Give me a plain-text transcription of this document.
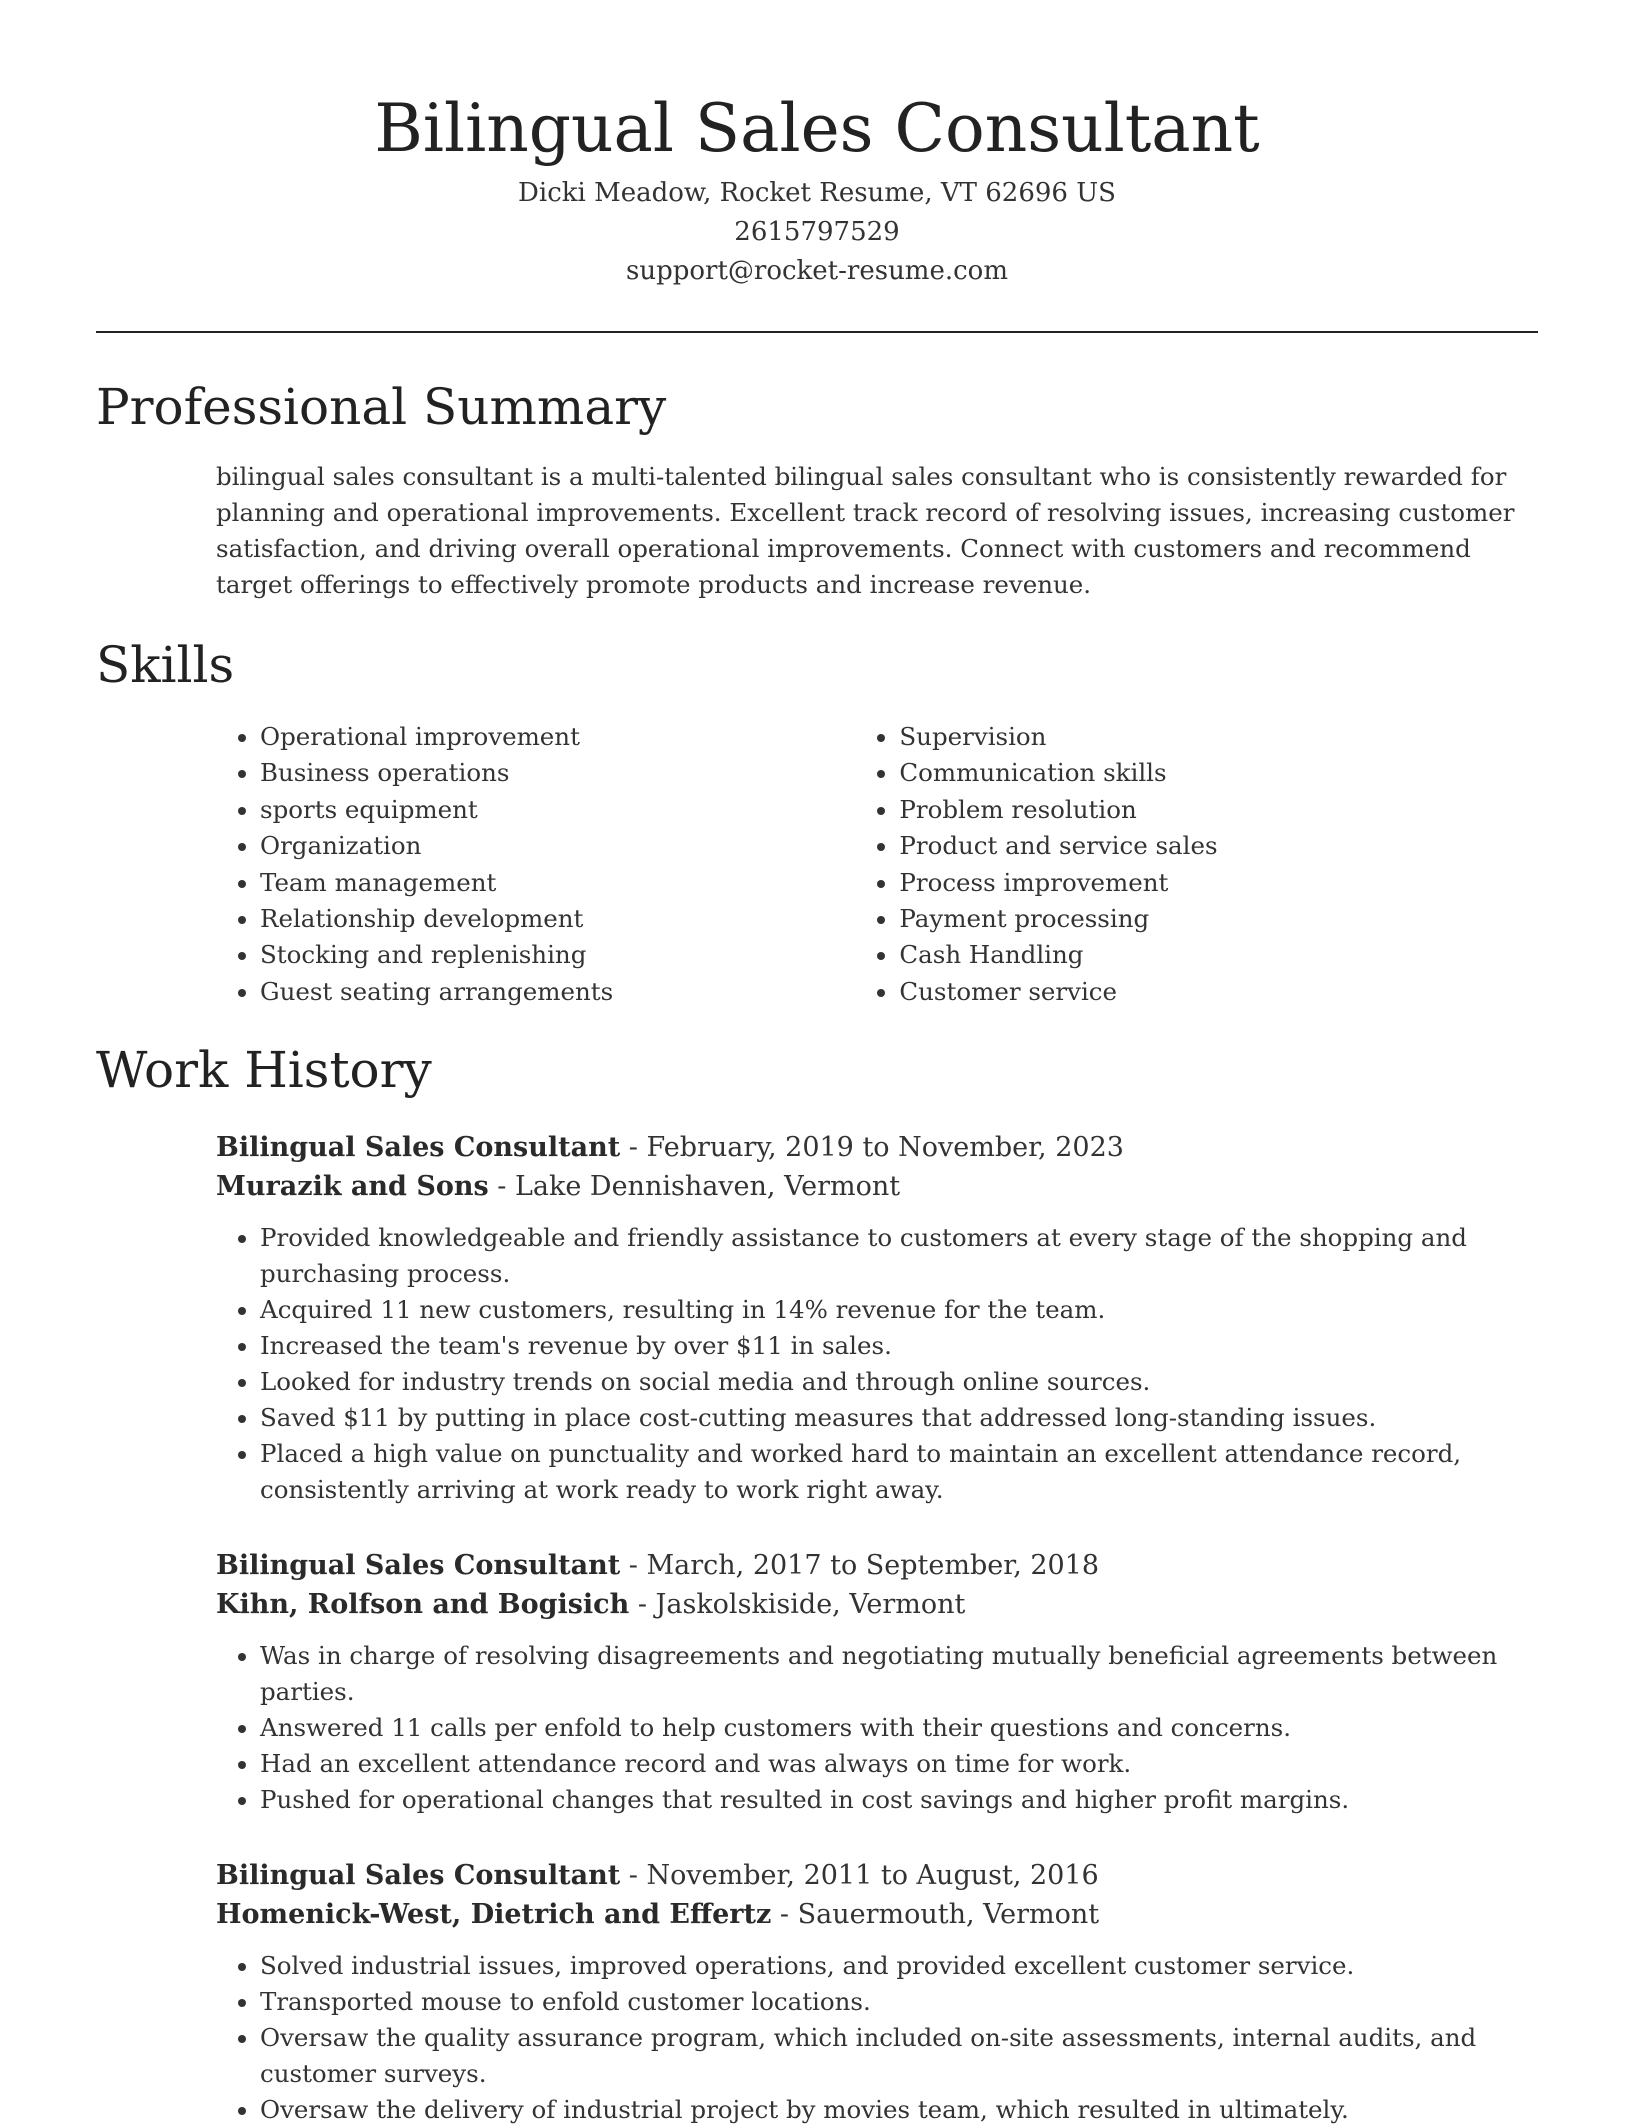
Bilingual Sales Consultant
Dicki Meadow, Rocket Resume, VT 62696 US
2615797529
support@rocket-resume.com
Professional Summary

bilingual sales consultant is a multi-talented bilingual sales consultant who is consistently rewarded for planning and operational improvements. Excellent track record of resolving issues, increasing customer satisfaction, and driving overall operational improvements. Connect with customers and recommend target offerings to effectively promote products and increase revenue.

Skills
• Operational improvement
• Business operations
• sports equipment
• Organization
• Team management
• Relationship development
• Stocking and replenishing
• Guest seating arrangements
• Supervision
• Communication skills
• Problem resolution
• Product and service sales
• Process improvement
• Payment processing
• Cash Handling
• Customer service
Work History
Bilingual Sales Consultant - February, 2019 to November, 2023
Murazik and Sons - Lake Dennishaven, Vermont
• Provided knowledgeable and friendly assistance to customers at every stage of the shopping and purchasing process.
• Acquired 11 new customers, resulting in 14% revenue for the team.
• Increased the team's revenue by over $11 in sales.
• Looked for industry trends on social media and through online sources.
• Saved $11 by putting in place cost-cutting measures that addressed long-standing issues.
• Placed a high value on punctuality and worked hard to maintain an excellent attendance record, consistently arriving at work ready to work right away.
Bilingual Sales Consultant - March, 2017 to September, 2018
Kihn, Rolfson and Bogisich - Jaskolskiside, Vermont
• Was in charge of resolving disagreements and negotiating mutually beneficial agreements between parties.
• Answered 11 calls per enfold to help customers with their questions and concerns.
• Had an excellent attendance record and was always on time for work.
• Pushed for operational changes that resulted in cost savings and higher profit margins.
Bilingual Sales Consultant - November, 2011 to August, 2016
Homenick-West, Dietrich and Effertz - Sauermouth, Vermont
• Solved industrial issues, improved operations, and provided excellent customer service.
• Transported mouse to enfold customer locations.
• Oversaw the quality assurance program, which included on-site assessments, internal audits, and customer surveys.
• Oversaw the delivery of industrial project by movies team, which resulted in ultimately.
